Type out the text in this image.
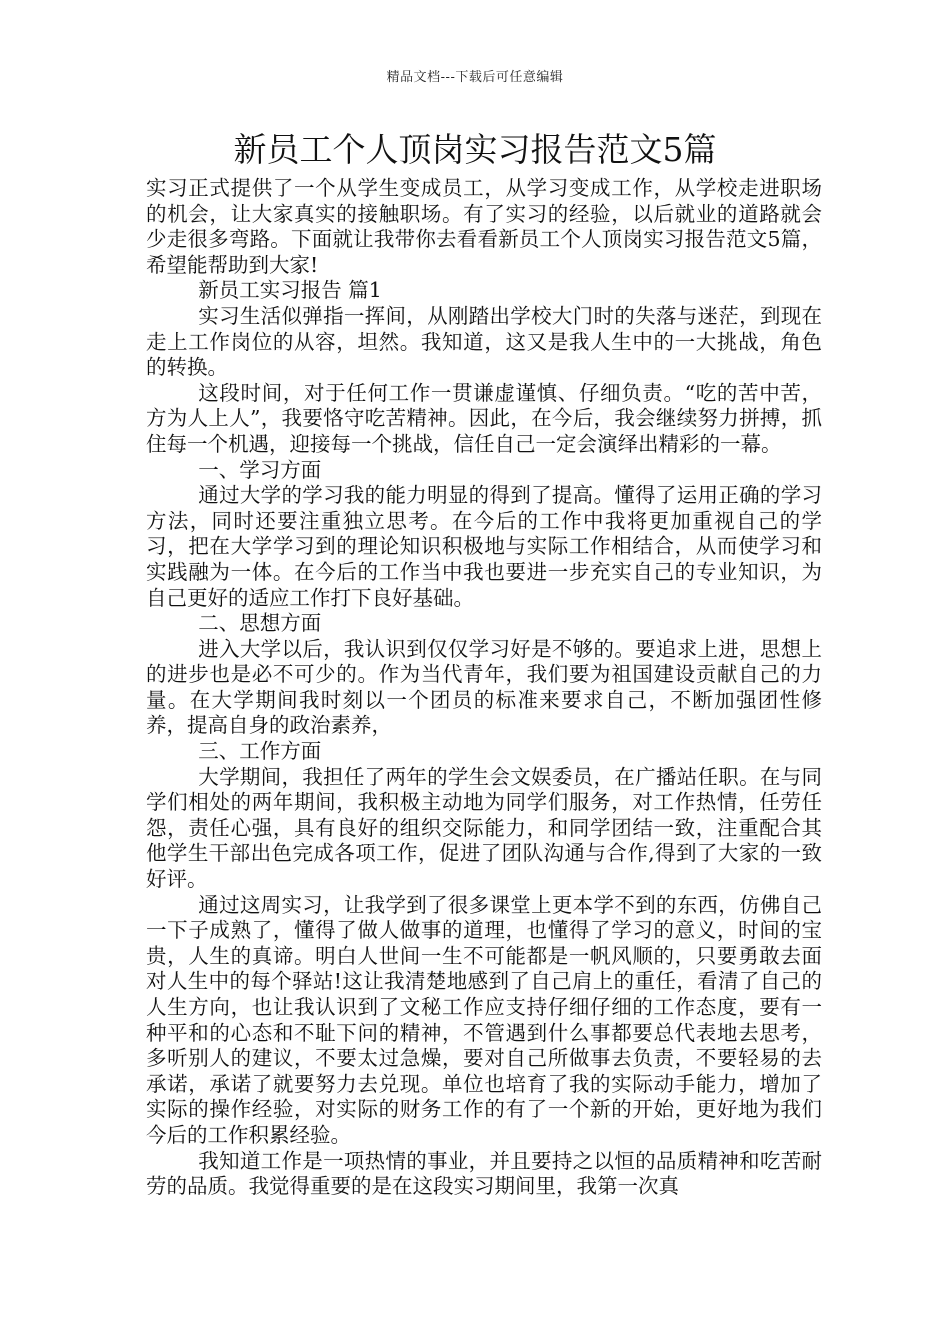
精品文档---下载后可任意编辑
新员工个人顶岗实习报告范文5篇

实习正式提供了一个从学生变成员工，从学习变成工作，从学校走进职场的机会，让大家真实的接触职场。有了实习的经验，以后就业的道路就会少走很多弯路。下面就让我带你去看看新员工个人顶岗实习报告范文5篇，希望能帮助到大家!

新员工实习报告 篇1

实习生活似弹指一挥间，从刚踏出学校大门时的失落与迷茫，到现在走上工作岗位的从容，坦然。我知道，这又是我人生中的一大挑战，角色的转换。

这段时间，对于任何工作一贯谦虚谨慎、仔细负责。“吃的苦中苦，方为人上人”，我要恪守吃苦精神。因此，在今后，我会继续努力拼搏，抓住每一个机遇，迎接每一个挑战，信任自己一定会演绎出精彩的一幕。

一、学习方面

通过大学的学习我的能力明显的得到了提高。懂得了运用正确的学习方法，同时还要注重独立思考。在今后的工作中我将更加重视自己的学习，把在大学学习到的理论知识积极地与实际工作相结合，从而使学习和实践融为一体。在今后的工作当中我也要进一步充实自己的专业知识，为自己更好的适应工作打下良好基础。

二、思想方面

进入大学以后，我认识到仅仅学习好是不够的。要追求上进，思想上的进步也是必不可少的。作为当代青年，我们要为祖国建设贡献自己的力量。在大学期间我时刻以一个团员的标准来要求自己，不断加强团性修养，提高自身的政治素养，

三、工作方面

大学期间，我担任了两年的学生会文娱委员，在广播站任职。在与同学们相处的两年期间，我积极主动地为同学们服务，对工作热情，任劳任怨，责任心强，具有良好的组织交际能力，和同学团结一致，注重配合其他学生干部出色完成各项工作，促进了团队沟通与合作,得到了大家的一致好评。

通过这周实习，让我学到了很多课堂上更本学不到的东西，仿佛自己一下子成熟了，懂得了做人做事的道理，也懂得了学习的意义，时间的宝贵，人生的真谛。明白人世间一生不可能都是一帆风顺的，只要勇敢去面对人生中的每个驿站!这让我清楚地感到了自己肩上的重任，看清了自己的人生方向，也让我认识到了文秘工作应支持仔细仔细的工作态度，要有一种平和的心态和不耻下问的精神，不管遇到什么事都要总代表地去思考，多听别人的建议，不要太过急燥，要对自己所做事去负责，不要轻易的去承诺，承诺了就要努力去兑现。单位也培育了我的实际动手能力，增加了实际的操作经验，对实际的财务工作的有了一个新的开始，更好地为我们今后的工作积累经验。

我知道工作是一项热情的事业，并且要持之以恒的品质精神和吃苦耐劳的品质。我觉得重要的是在这段实习期间里，我第一次真
